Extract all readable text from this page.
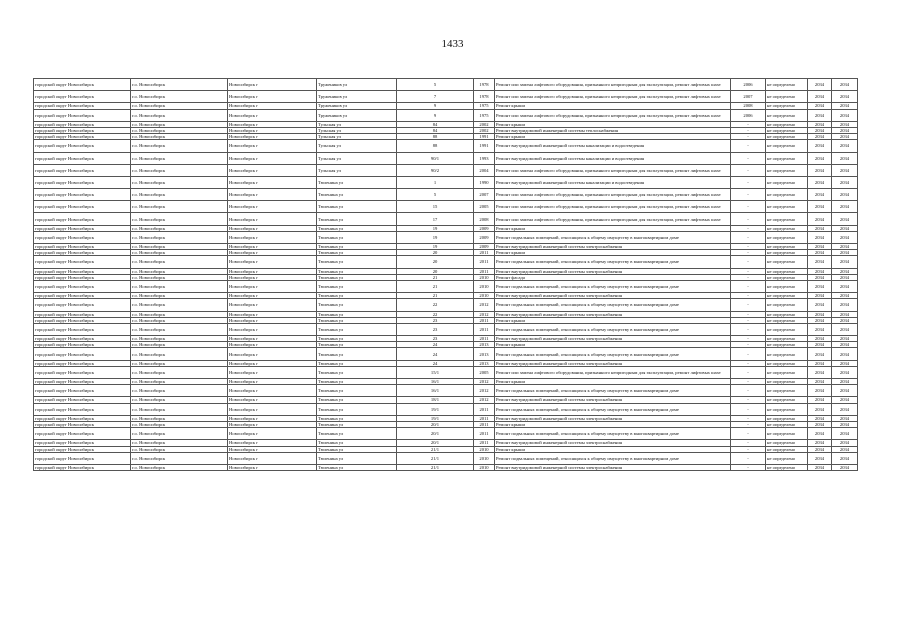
1433
городской округ Новосибирск	г.о. Новосибирск	Новосибирск г	Тружеников ул	5	1978	Ремонт или замена лифтового оборудования, признанного непригодным для эксплуатации, ремонт лифтовых шахт	2006	не определено	2034	2034
городской округ Новосибирск	г.о. Новосибирск	Новосибирск г	Тружеников ул	7	1978	Ремонт или замена лифтового оборудования, признанного непригодным для эксплуатации, ремонт лифтовых шахт	2007	не определено	2034	2034
городской округ Новосибирск	г.о. Новосибирск	Новосибирск г	Тружеников ул	9	1975	Ремонт крыши	2008	не определено	2034	2034
городской округ Новосибирск	г.о. Новосибирск	Новосибирск г	Тружеников ул	9	1975	Ремонт или замена лифтового оборудования, признанного непригодным для эксплуатации, ремонт лифтовых шахт	2006	не определено	2034	2034
городской округ Новосибирск	г.о. Новосибирск	Новосибирск г	Тульская ул	84	2002	Ремонт крыши	-	не определено	2034	2034
городской округ Новосибирск	г.о. Новосибирск	Новосибирск г	Тульская ул	84	2002	Ремонт внутридомовой инженерной системы теплоснабжения	-	не определено	2034	2034
городской округ Новосибирск	г.о. Новосибирск	Новосибирск г	Тульская ул	88	1991	Ремонт крыши	-	не определено	2034	2034
городской округ Новосибирск	г.о. Новосибирск	Новосибирск г	Тульская ул	88	1991	Ремонт внутридомовой инженерной системы канализации и водоотведения	-	не определено	2034	2034
городской округ Новосибирск	г.о. Новосибирск	Новосибирск г	Тульская ул	90/1	1993	Ремонт внутридомовой инженерной системы канализации и водоотведения	-	не определено	2034	2034
городской округ Новосибирск	г.о. Новосибирск	Новосибирск г	Тульская ул	90/2	2004	Ремонт или замена лифтового оборудования, признанного непригодным для эксплуатации, ремонт лифтовых шахт	-	не определено	2034	2034
городской округ Новосибирск	г.о. Новосибирск	Новосибирск г	Тюленина ул	1	1990	Ремонт внутридомовой инженерной системы канализации и водоотведения	-	не определено	2034	2034
городской округ Новосибирск	г.о. Новосибирск	Новосибирск г	Тюленина ул	5	2007	Ремонт или замена лифтового оборудования, признанного непригодным для эксплуатации, ремонт лифтовых шахт	-	не определено	2034	2034
городской округ Новосибирск	г.о. Новосибирск	Новосибирск г	Тюленина ул	15	2005	Ремонт или замена лифтового оборудования, признанного непригодным для эксплуатации, ремонт лифтовых шахт	-	не определено	2034	2034
городской округ Новосибирск	г.о. Новосибирск	Новосибирск г	Тюленина ул	17	2008	Ремонт или замена лифтового оборудования, признанного непригодным для эксплуатации, ремонт лифтовых шахт	-	не определено	2034	2034
городской округ Новосибирск	г.о. Новосибирск	Новосибирск г	Тюленина ул	19	2009	Ремонт крыши	-	не определено	2034	2034
городской округ Новосибирск	г.о. Новосибирск	Новосибирск г	Тюленина ул	19	2009	Ремонт подвальных помещений, относящихся к общему имуществу в многоквартирном доме	-	не определено	2034	2034
городской округ Новосибирск	г.о. Новосибирск	Новосибирск г	Тюленина ул	19	2009	Ремонт внутридомовой инженерной системы электроснабжения	-	не определено	2034	2034
городской округ Новосибирск	г.о. Новосибирск	Новосибирск г	Тюленина ул	20	2011	Ремонт крыши	-	не определено	2034	2034
городской округ Новосибирск	г.о. Новосибирск	Новосибирск г	Тюленина ул	20	2011	Ремонт подвальных помещений, относящихся к общему имуществу в многоквартирном доме	-	не определено	2034	2034
городской округ Новосибирск	г.о. Новосибирск	Новосибирск г	Тюленина ул	20	2011	Ремонт внутридомовой инженерной системы электроснабжения	-	не определено	2034	2034
городской округ Новосибирск	г.о. Новосибирск	Новосибирск г	Тюленина ул	21	2010	Ремонт фасада	-	не определено	2034	2034
городской округ Новосибирск	г.о. Новосибирск	Новосибирск г	Тюленина ул	21	2010	Ремонт подвальных помещений, относящихся к общему имуществу в многоквартирном доме	-	не определено	2034	2034
городской округ Новосибирск	г.о. Новосибирск	Новосибирск г	Тюленина ул	21	2010	Ремонт внутридомовой инженерной системы электроснабжения	-	не определено	2034	2034
городской округ Новосибирск	г.о. Новосибирск	Новосибирск г	Тюленина ул	22	2012	Ремонт подвальных помещений, относящихся к общему имуществу в многоквартирном доме	-	не определено	2034	2034
городской округ Новосибирск	г.о. Новосибирск	Новосибирск г	Тюленина ул	22	2012	Ремонт внутридомовой инженерной системы электроснабжения	-	не определено	2034	2034
городской округ Новосибирск	г.о. Новосибирск	Новосибирск г	Тюленина ул	23	2011	Ремонт крыши	-	не определено	2034	2034
городской округ Новосибирск	г.о. Новосибирск	Новосибирск г	Тюленина ул	23	2011	Ремонт подвальных помещений, относящихся к общему имуществу в многоквартирном доме	-	не определено	2034	2034
городской округ Новосибирск	г.о. Новосибирск	Новосибирск г	Тюленина ул	23	2011	Ремонт внутридомовой инженерной системы электроснабжения	-	не определено	2034	2034
городской округ Новосибирск	г.о. Новосибирск	Новосибирск г	Тюленина ул	24	2013	Ремонт крыши	-	не определено	2034	2034
городской округ Новосибирск	г.о. Новосибирск	Новосибирск г	Тюленина ул	24	2013	Ремонт подвальных помещений, относящихся к общему имуществу в многоквартирном доме	-	не определено	2034	2034
городской округ Новосибирск	г.о. Новосибирск	Новосибирск г	Тюленина ул	24	2013	Ремонт внутридомовой инженерной системы электроснабжения	-	не определено	2034	2034
городской округ Новосибирск	г.о. Новосибирск	Новосибирск г	Тюленина ул	15/1	2005	Ремонт или замена лифтового оборудования, признанного непригодным для эксплуатации, ремонт лифтовых шахт	-	не определено	2034	2034
городской округ Новосибирск	г.о. Новосибирск	Новосибирск г	Тюленина ул	16/1	2012	Ремонт крыши	-	не определено	2034	2034
городской округ Новосибирск	г.о. Новосибирск	Новосибирск г	Тюленина ул	16/1	2012	Ремонт подвальных помещений, относящихся к общему имуществу в многоквартирном доме	-	не определено	2034	2034
городской округ Новосибирск	г.о. Новосибирск	Новосибирск г	Тюленина ул	18/1	2012	Ремонт внутридомовой инженерной системы электроснабжения	-	не определено	2034	2034
городской округ Новосибирск	г.о. Новосибирск	Новосибирск г	Тюленина ул	19/1	2011	Ремонт подвальных помещений, относящихся к общему имуществу в многоквартирном доме	-	не определено	2034	2034
городской округ Новосибирск	г.о. Новосибирск	Новосибирск г	Тюленина ул	19/1	2011	Ремонт внутридомовой инженерной системы электроснабжения	-	не определено	2034	2034
городской округ Новосибирск	г.о. Новосибирск	Новосибирск г	Тюленина ул	20/1	2011	Ремонт крыши	-	не определено	2034	2034
городской округ Новосибирск	г.о. Новосибирск	Новосибирск г	Тюленина ул	20/1	2011	Ремонт подвальных помещений, относящихся к общему имуществу в многоквартирном доме	-	не определено	2034	2034
городской округ Новосибирск	г.о. Новосибирск	Новосибирск г	Тюленина ул	20/1	2011	Ремонт внутридомовой инженерной системы электроснабжения	-	не определено	2034	2034
городской округ Новосибирск	г.о. Новосибирск	Новосибирск г	Тюленина ул	21/1	2010	Ремонт крыши	-	не определено	2034	2034
городской округ Новосибирск	г.о. Новосибирск	Новосибирск г	Тюленина ул	21/1	2010	Ремонт подвальных помещений, относящихся к общему имуществу в многоквартирном доме	-	не определено	2034	2034
городской округ Новосибирск	г.о. Новосибирск	Новосибирск г	Тюленина ул	21/1	2010	Ремонт внутридомовой инженерной системы электроснабжения	-	не определено	2034	2034
